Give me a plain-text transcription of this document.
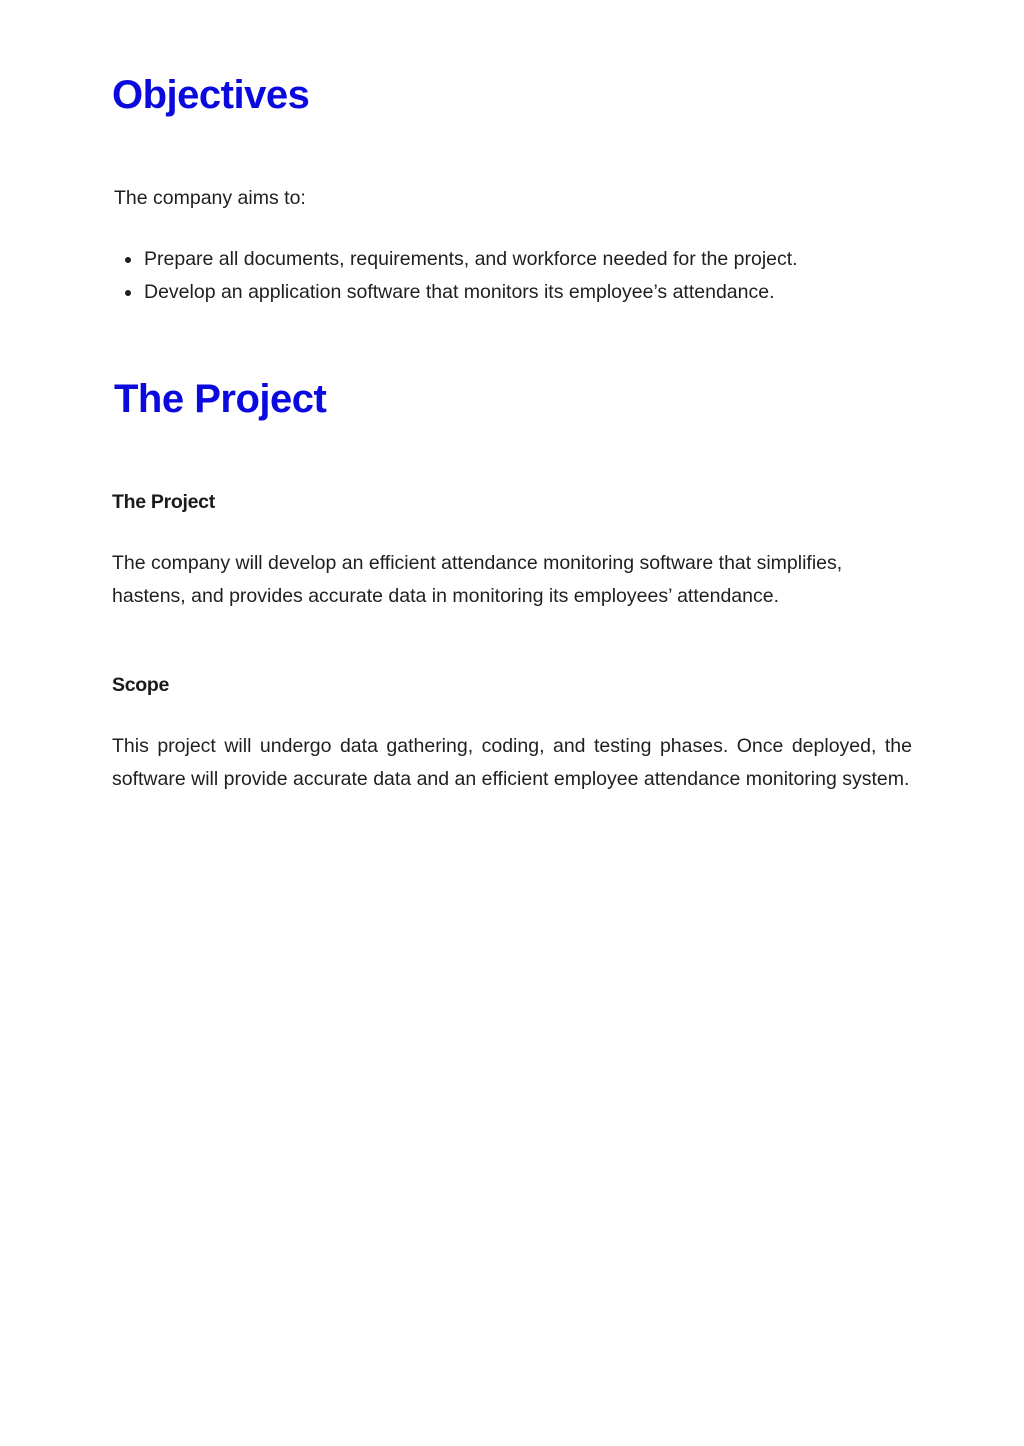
Objectives

The company aims to:

Prepare all documents, requirements, and workforce needed for the project.
Develop an application software that monitors its employee’s attendance.
The Project
The Project

The company will develop an efficient attendance monitoring software that simplifies, hastens, and provides accurate data in monitoring its employees’ attendance.

Scope

This project will undergo data gathering, coding, and testing phases. Once deployed, the software will provide accurate data and an efficient employee attendance monitoring system.
